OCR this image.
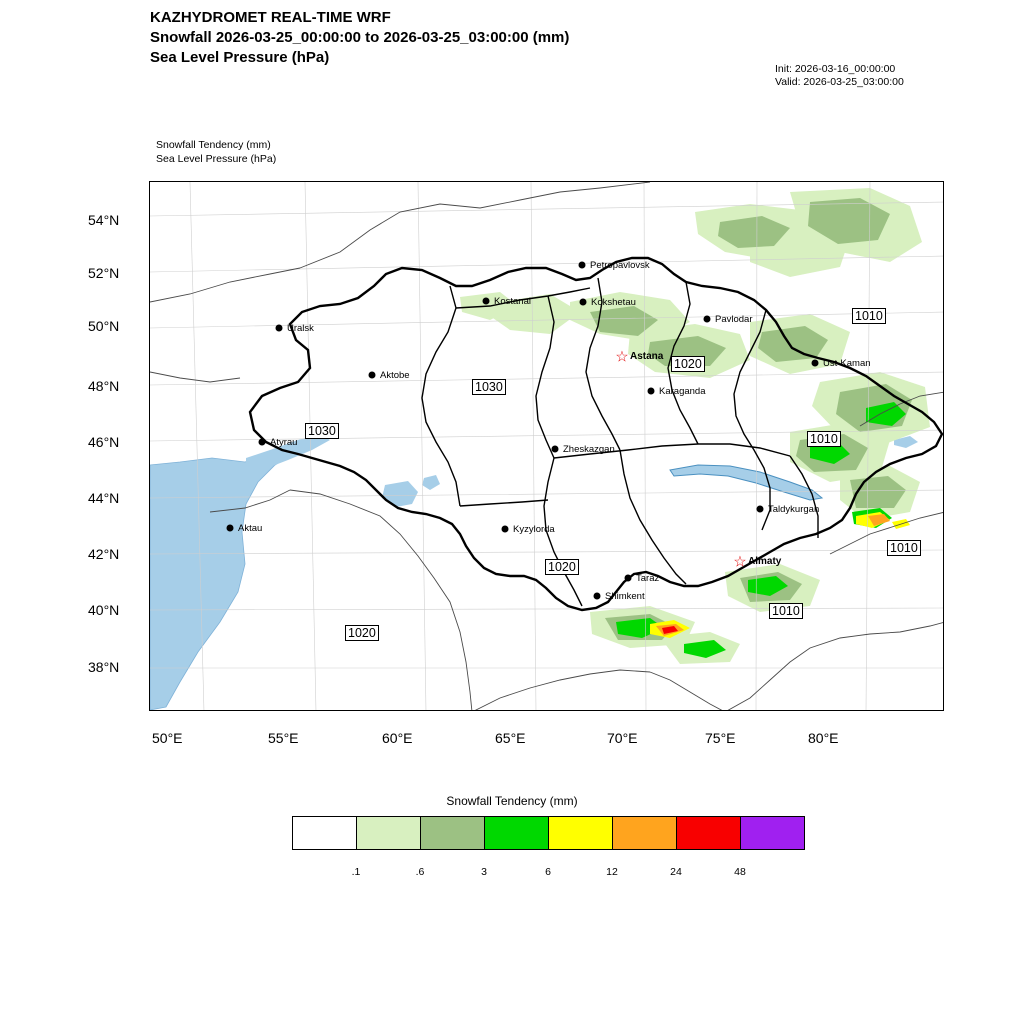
KAZHYDROMET REAL-TIME WRF
Snowfall 2026-03-25_00:00:00 to 2026-03-25_03:00:00 (mm)
Sea Level Pressure (hPa)
Init: 2026-03-16_00:00:00
Valid: 2026-03-25_03:00:00
Snowfall Tendency (mm)
Sea Level Pressure (hPa)
54°N
52°N
50°N
48°N
46°N
44°N
42°N
40°N
38°N
50°E	55°E	60°E	65°E	70°E	75°E	80°E
Petropavlovsk
Kostanai	Kokshetau
Pavlodar
Uralsk
☆ Astana
Aktobe
Karaganda
Ust-Kaman
Atyrau
Zheskazgan
Taldykurgan
Aktau	Kyzylorda
☆ Almaty
Taraz
Shimkent
1010
1020
1030
1030
1010
1010
1020
1010
1020
Snowfall Tendency (mm)
.1	.6	3	6	12	24	48
